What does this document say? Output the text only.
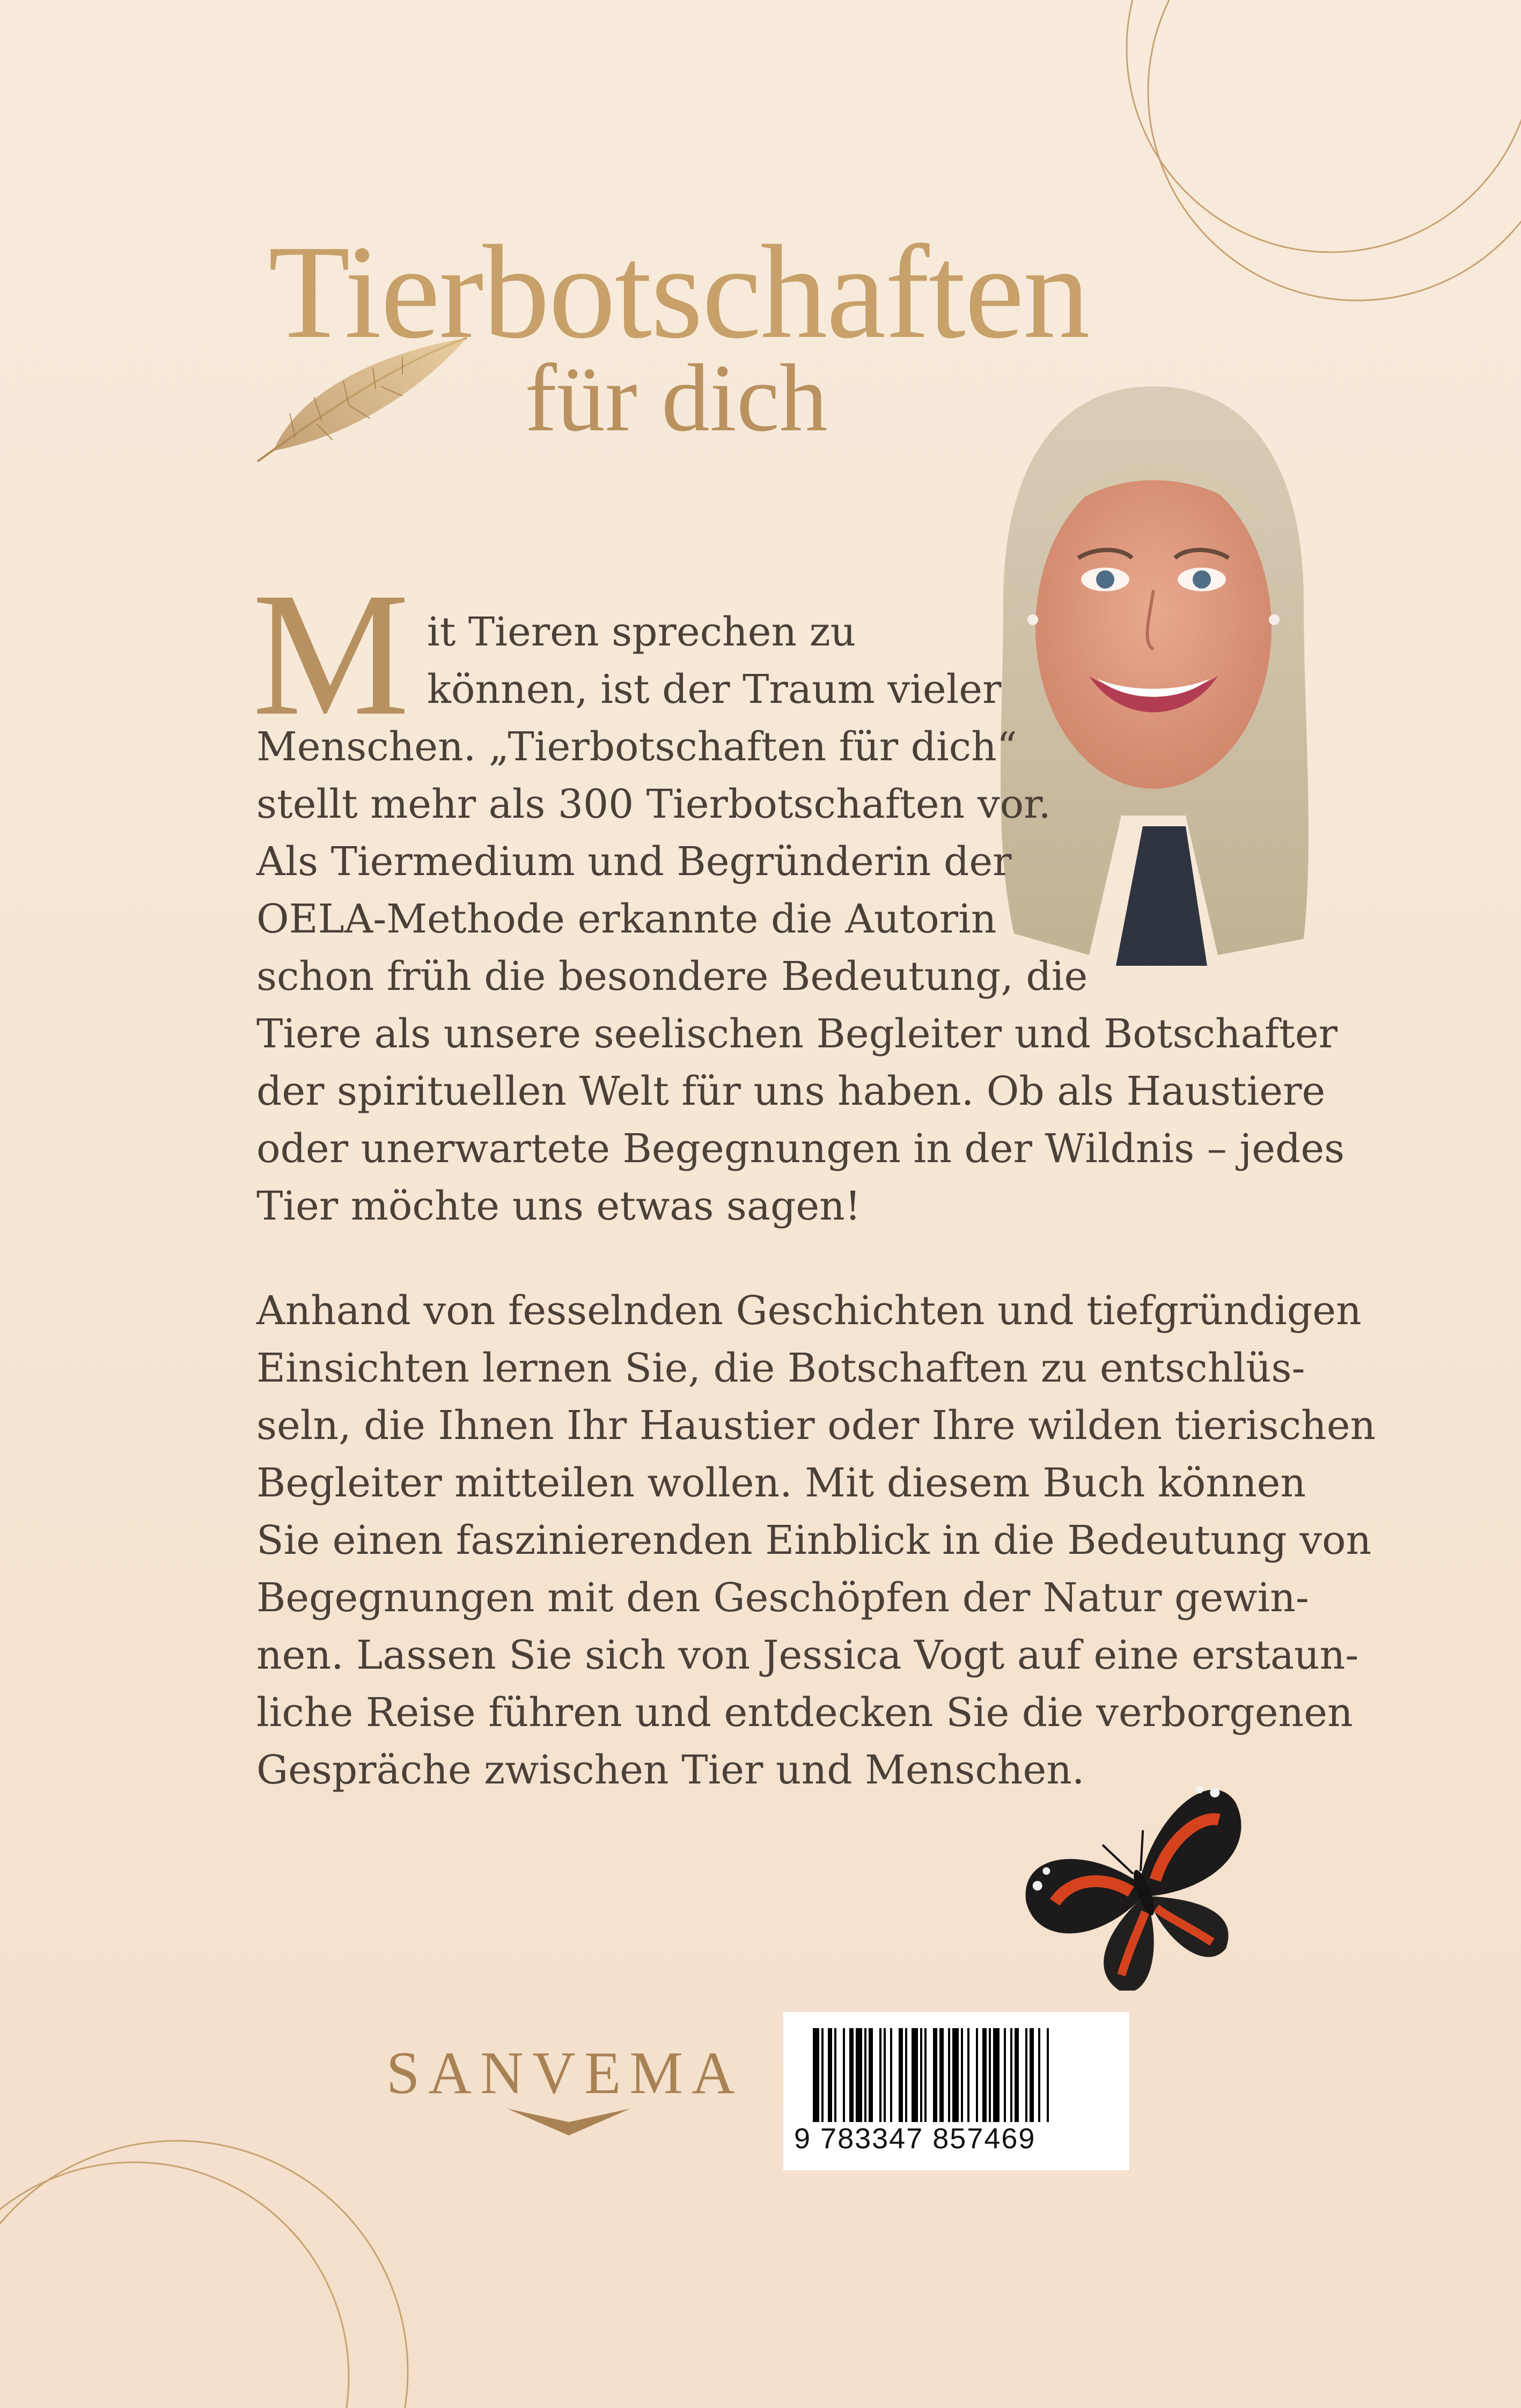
Tierbotschaften
für dich
M it Tieren sprechen zu
können, ist der Traum vieler
Menschen. „Tierbotschaften für dich“
stellt mehr als 300 Tierbotschaften vor.
Als Tiermedium und Begründerin der
OELA-Methode erkannte die Autorin
schon früh die besondere Bedeutung, die
Tiere als unsere seelischen Begleiter und Botschafter
der spirituellen Welt für uns haben. Ob als Haustiere
oder unerwartete Begegnungen in der Wildnis – jedes
Tier möchte uns etwas sagen!

Anhand von fesselnden Geschichten und tiefgründigen
Einsichten lernen Sie, die Botschaften zu entschlüs-
seln, die Ihnen Ihr Haustier oder Ihre wilden tierischen
Begleiter mitteilen wollen. Mit diesem Buch können
Sie einen faszinierenden Einblick in die Bedeutung von
Begegnungen mit den Geschöpfen der Natur gewin-
nen. Lassen Sie sich von Jessica Vogt auf eine erstaun-
liche Reise führen und entdecken Sie die verborgenen
Gespräche zwischen Tier und Menschen.

SANVEMA
9 783347 857469
